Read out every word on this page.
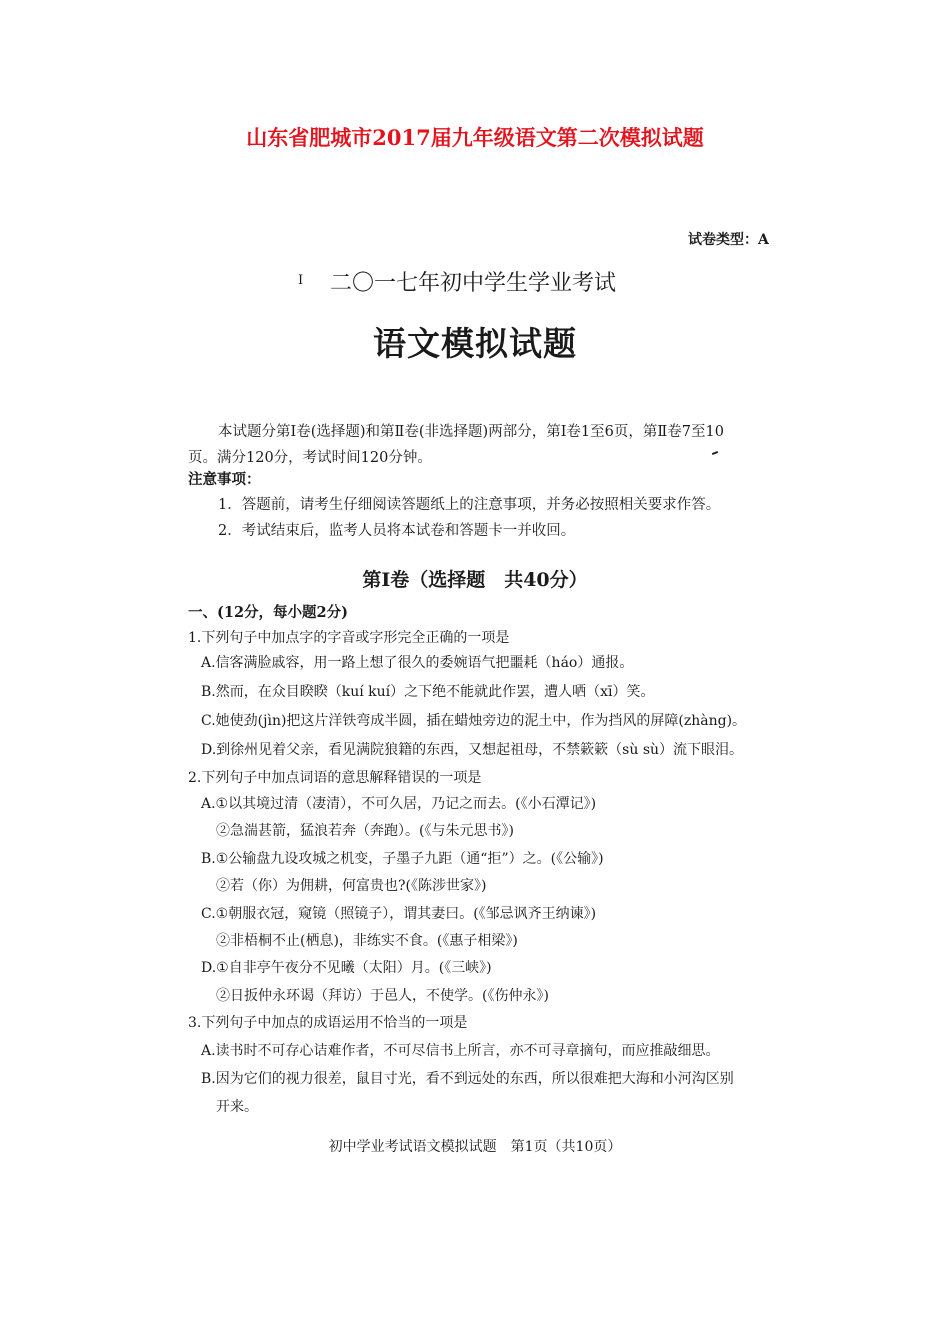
山东省肥城市2017届九年级语文第二次模拟试题
试卷类型：A
I 二〇一七年初中学生学业考试
语文模拟试题
本试题分第Ⅰ卷(选择题)和第Ⅱ卷(非选择题)两部分，第Ⅰ卷1至6页，第Ⅱ卷7至10
页。满分120分，考试时间120分钟。
注意事项：
1．答题前，请考生仔细阅读答题纸上的注意事项，并务必按照相关要求作答。
2．考试结束后，监考人员将本试卷和答题卡一并收回。
第Ⅰ卷（选择题　共40分）
一、(12分，每小题2分)
1.下列句子中加点字的字音或字形完全正确的一项是
A.信客满脸戚容，用一路上想了很久的委婉语气把噩耗（háo）通报。
B.然而，在众目睽睽（kuí kuí）之下绝不能就此作罢，遭人哂（xī）笑。
C.她使劲(jìn)把这片洋铁弯成半圆，插在蜡烛旁边的泥土中，作为挡风的屏障(zhàng)。
D.到徐州见着父亲，看见满院狼籍的东西，又想起祖母，不禁簌簌（sù sù）流下眼泪。
2.下列句子中加点词语的意思解释错误的一项是
A.①以其境过清（凄清），不可久居，乃记之而去。(《小石潭记》)
②急湍甚箭，猛浪若奔（奔跑）。(《与朱元思书》)
B.①公输盘九设攻城之机变，子墨子九距（通“拒”）之。(《公输》)
②若（你）为佣耕，何富贵也?(《陈涉世家》)
C.①朝服衣冠，窥镜（照镜子），谓其妻曰。(《邹忌讽齐王纳谏》)
②非梧桐不止(栖息)，非练实不食。(《惠子相梁》)
D.①自非亭午夜分不见曦（太阳）月。(《三峡》)
②日扳仲永环谒（拜访）于邑人，不使学。(《伤仲永》)
3.下列句子中加点的成语运用不恰当的一项是
A.读书时不可存心诘难作者，不可尽信书上所言，亦不可寻章摘句，而应推敲细思。
B.因为它们的视力很差，鼠目寸光，看不到远处的东西，所以很难把大海和小河沟区别
开来。
初中学业考试语文模拟试题　第1页（共10页）
